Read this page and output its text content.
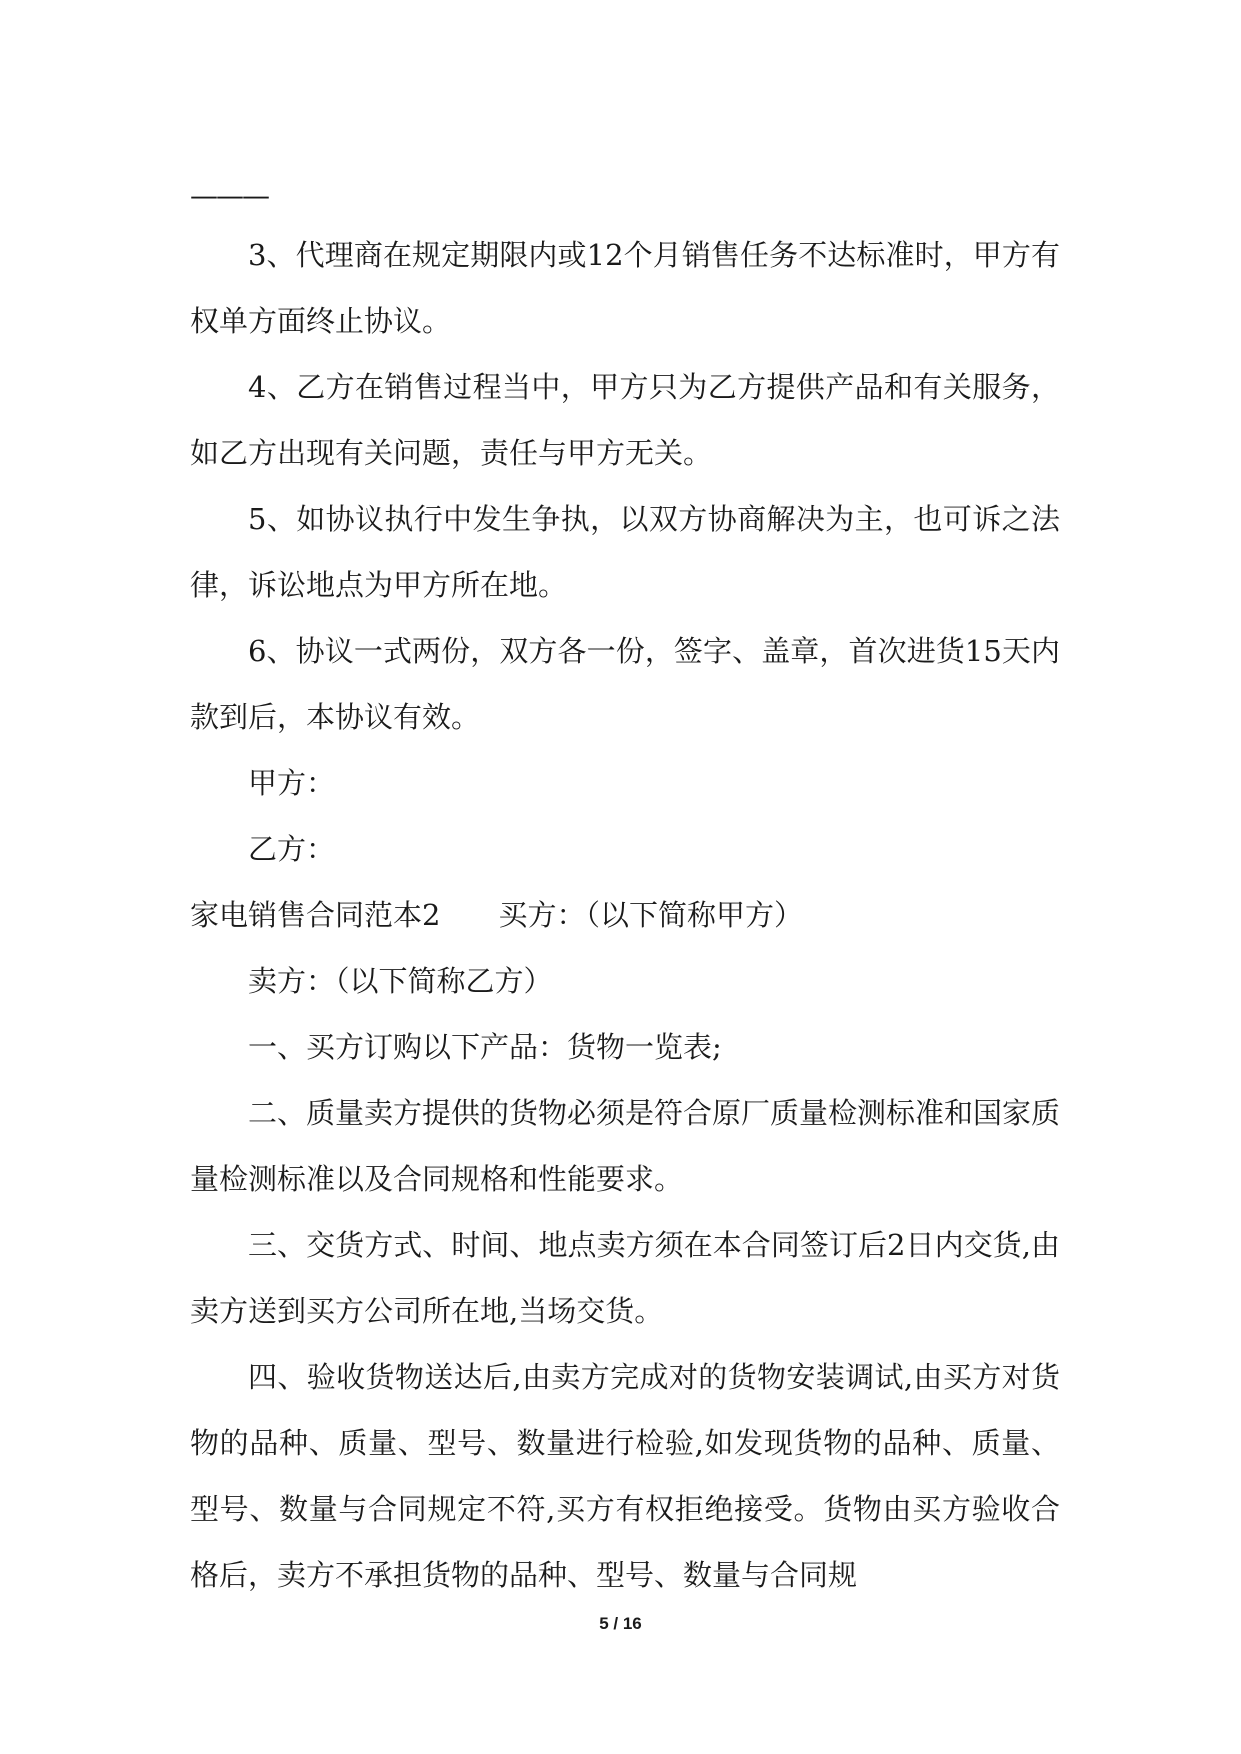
———

3、代理商在规定期限内或12个月销售任务不达标准时，甲方有权单方面终止协议。

4、乙方在销售过程当中，甲方只为乙方提供产品和有关服务，如乙方出现有关问题，责任与甲方无关。

5、如协议执行中发生争执，以双方协商解决为主，也可诉之法律，诉讼地点为甲方所在地。

6、协议一式两份，双方各一份，签字、盖章，首次进货15天内款到后，本协议有效。

甲方：

乙方：

家电销售合同范本2　　买方：（以下简称甲方）

卖方：（以下简称乙方）

一、买方订购以下产品：货物一览表;

二、质量卖方提供的货物必须是符合原厂质量检测标准和国家质量检测标准以及合同规格和性能要求。

三、交货方式、时间、地点卖方须在本合同签订后2日内交货,由卖方送到买方公司所在地,当场交货。

四、验收货物送达后,由卖方完成对的货物安装调试,由买方对货物的品种、质量、型号、数量进行检验,如发现货物的品种、质量、型号、数量与合同规定不符,买方有权拒绝接受。货物由买方验收合格后，卖方不承担货物的品种、型号、数量与合同规

5 / 16
